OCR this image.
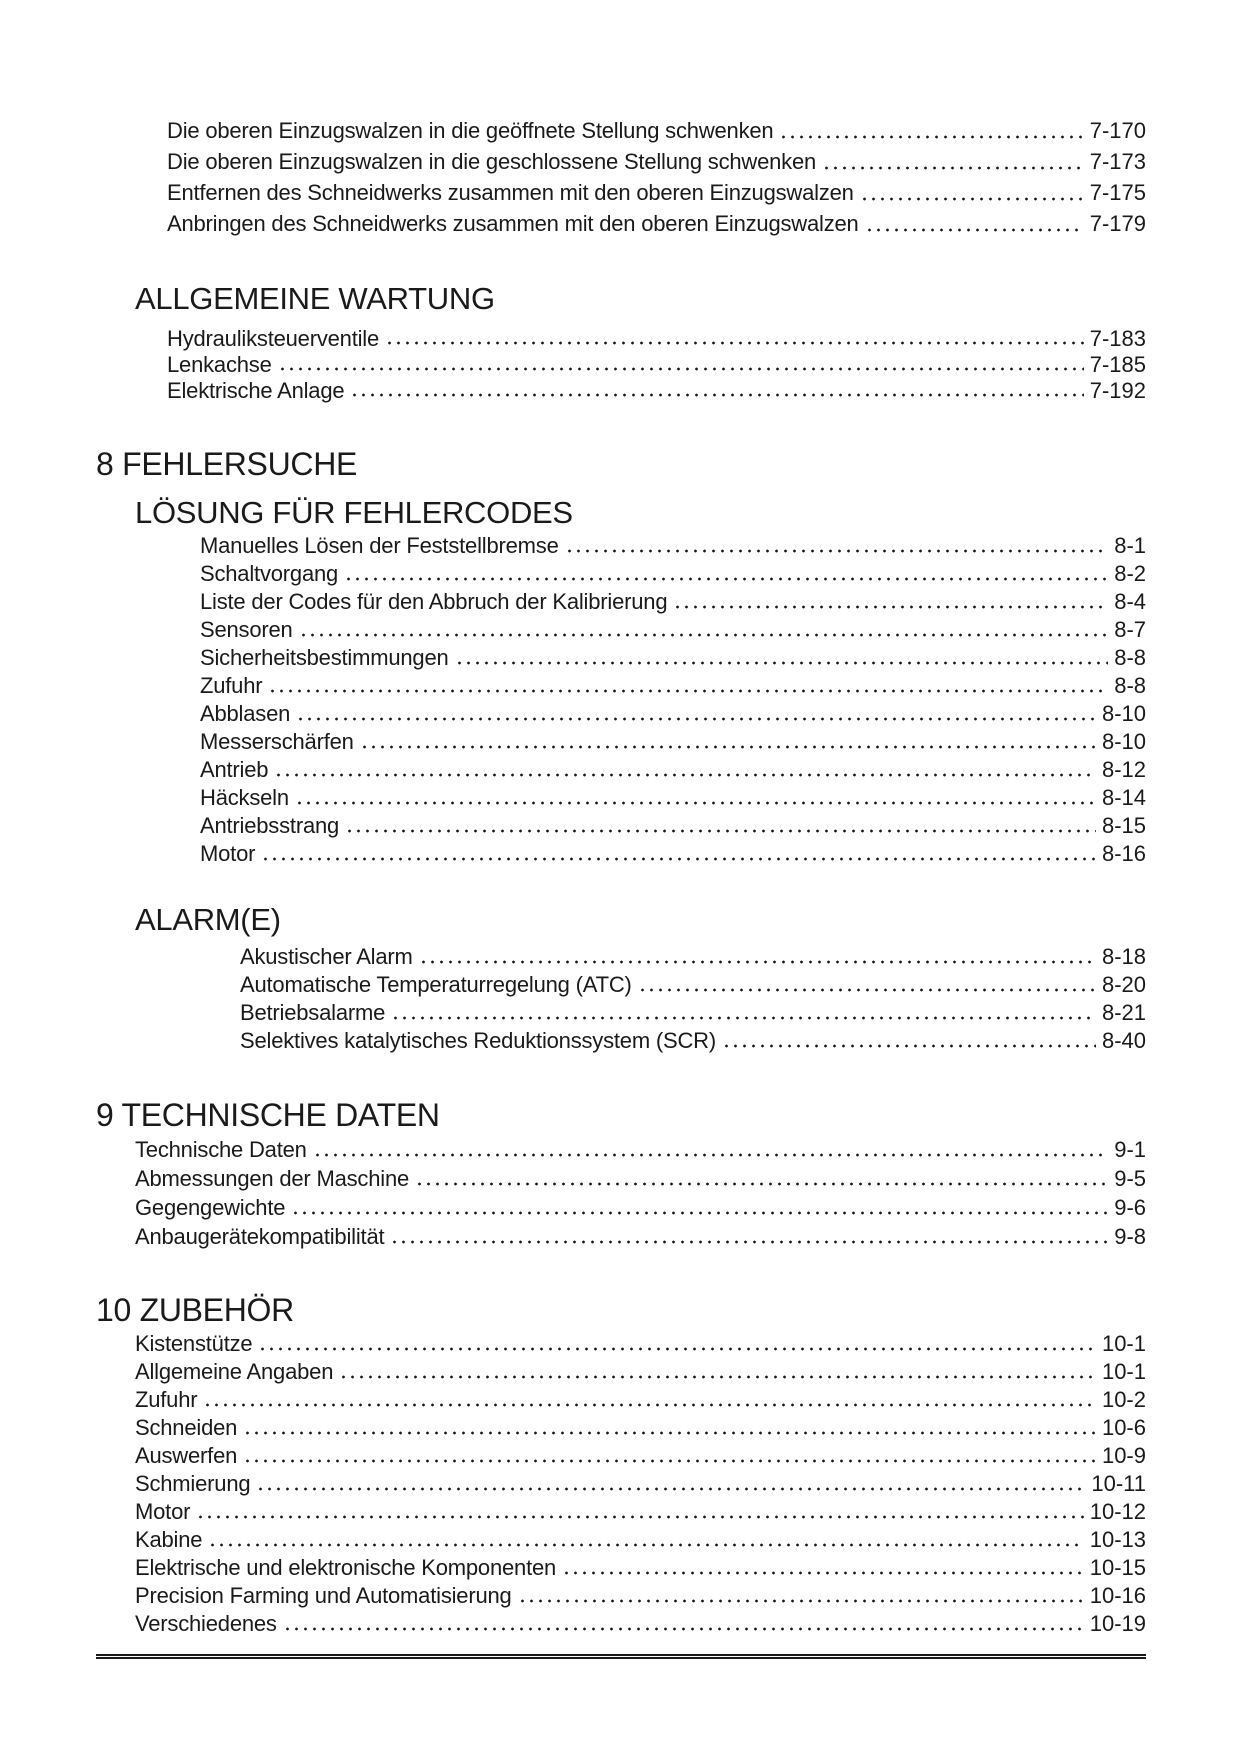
Die oberen Einzugswalzen in die geöffnete Stellung schwenken	7-170
Die oberen Einzugswalzen in die geschlossene Stellung schwenken	7-173
Entfernen des Schneidwerks zusammen mit den oberen Einzugswalzen	7-175
Anbringen des Schneidwerks zusammen mit den oberen Einzugswalzen	7-179
ALLGEMEINE WARTUNG
Hydrauliksteuerventile	7-183
Lenkachse	7-185
Elektrische Anlage	7-192
8 FEHLERSUCHE
LÖSUNG FÜR FEHLERCODES
Manuelles Lösen der Feststellbremse	8-1
Schaltvorgang	8-2
Liste der Codes für den Abbruch der Kalibrierung	8-4
Sensoren	8-7
Sicherheitsbestimmungen	8-8
Zufuhr	8-8
Abblasen	8-10
Messerschärfen	8-10
Antrieb	8-12
Häckseln	8-14
Antriebsstrang	8-15
Motor	8-16
ALARM(E)
Akustischer Alarm	8-18
Automatische Temperaturregelung (ATC)	8-20
Betriebsalarme	8-21
Selektives katalytisches Reduktionssystem (SCR)	8-40
9 TECHNISCHE DATEN
Technische Daten	9-1
Abmessungen der Maschine	9-5
Gegengewichte	9-6
Anbaugerätekompatibilität	9-8
10 ZUBEHÖR
Kistenstütze	10-1
Allgemeine Angaben	10-1
Zufuhr	10-2
Schneiden	10-6
Auswerfen	10-9
Schmierung	10-11
Motor	10-12
Kabine	10-13
Elektrische und elektronische Komponenten	10-15
Precision Farming und Automatisierung	10-16
Verschiedenes	10-19
